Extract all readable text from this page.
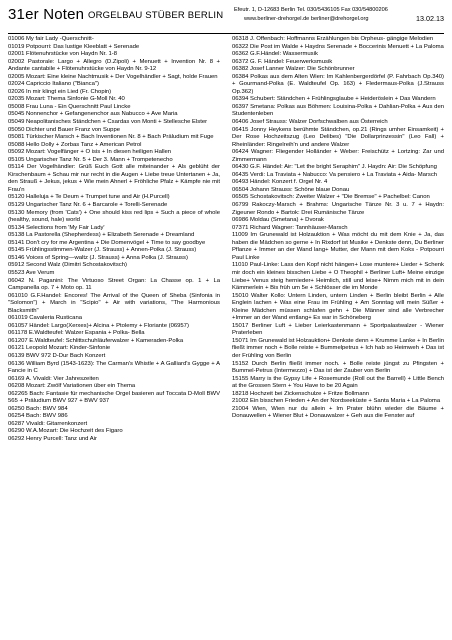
31er Noten ORGELBAU STÜBER BERLIN Efeutr. 1, D-12683 Berlin Tel. 030/5436105 Fax 030/54800206
www.berliner-drehorgel.de berliner@drehorgel.org	13.02.13
01006 My fair Lady -Querschnitt-
01019 Potpourri: Das lustige Kleeblatt + Serenade
02001 Flötenuhrstücke von Haydn Nr. 1-8
02002 Pastorale: Largo + Allegro (D.Zipoli) + Menuett + Invention Nr. 8 + Andante cantabile + Flötenuhrstücke von Haydn Nr. 9-12
02005 Mozart: Eine kleine Nachtmusik + Der Vogelhändler + Sagt, holde Frauen
02024 Capriccio Italiano ("Bianca")
02026 In mir klingt ein Lied (Fr. Chopin)
02035 Mozart: Thema Sinfonie G-Moll Nr. 40
05008 Frau Luna - Ein Querschnitt Paul Lincke
05045 Nonnenchor + Gefangenenchor aus Nabucco + Ave Maria
05049 Neapolitanisches Ständchen + Csardas von Monti + Stellesche Elster
05050 Dichter und Bauer Franz von Suppe
05081 Türkischer Marsch + Bach Inventionen Nr. 8 + Bach Präludium mit Fuge
05088 Hello Dolly + Zorbas Tanz + American Petrol
05092 Mozart: Vogelfänger + O isis + In diesen heiligen Hallen
05105 Ungarischer Tanz Nr. 5 + Der 3. Mann + Trompetenecho
05114 Der Vogelhändler: Grüß Euch Gott alle miteinander + Als geblüht der Kirschenbaum + Schau mir nur recht in die Augen + Liebe treue Untertanen + Ja, den Strauß + Jekus, jekus + Wie mein Ahnerl + Fröhliche Pfalz + Kämpfe nie mit Frau'n
05120 Halleluja + Te Deum + Trumpet tune and Air (H.Purcell)
05129 Ungarischer Tanz Nr. 6 + Barcarole + Torelli-Serenade
05130 Memory (from 'Cats') + One should kiss red lips + Such a piece of whole (healthy, sound, hale) world
05134 Selections from 'My Fair Lady'
05138 La Pastorella (Shepherdess) + Elizabeth Serenade + Dreamland
05141 Don't cry for me Argentina + Die Domenvögel + Time to say goodbye
05145 Frühlingsstimmen-Walzer (J. Strauss) + Annen-Polka (J. Strauss)
05146 Voices of Spring—waltz (J. Strauss) + Anna Polka (J. Strauss)
05912 Second Walz (Dimitri Schostakovitsch)
05523 Ave Verum
06042 N. Paganini: The Virtuoso Street Organ: La Chasse op. 1 + La Campanella op. 7 + Moto op. 11
061010 G.F.Handel: Encores! The Arrival of the Queen of Sheba (Sinfonia in "Solomon") + March in "Scipio" + Air with variations, "The Harmonious Blacksmith"
061019 Cavaleria Rusticana
061057 Händel: Largo(Xerxes)+ Alcina + Ptolemy + Floriante (06957)
061178 E.Waldteufel: Walzer Espania + Polka- Bella
061207 E.Waldteufel: Schlittschuhläuferwalzer + Kameraden-Polka
06121 Leopold Mozart: Kinder-Sinfonie
06139 BWV 972 D-Dur Bach Konzert
06136 William Byrd (1543-1623): The Carman's Whistle + A Galliard's Gygge + A Fancie in C
06169 A. Vivaldi: Vier Jahreszeiten
06208 Mozart: Zwölf Variationen über ein Thema
062265 Bach: Fantasie für mechanische Orgel basieren auf Toccata D-Moll BWV 565 + Präludium BWV 927 + BWV 937
06250 Bach: BWV 984
06254 Bach: BWV 986
06287 Vivaldi: Gitarrenkonzert
06290 W.A.Mozart: Die Hochzeit des Figaro
06292 Henry Purcell: Tanz und Air
06318 J. Offenbach: Hoffmanns Erzählungen bis Orpheus- gängige Melodien
06322 Die Post im Walde + Haydns Serenade + Boccerinis Menuett + La Paloma
06362 G.F.Händel: Wassermusik
06372 G. F. Händel: Feuerwerksmusik
06382 Josef Lanner Walzer: Die Schönbrunner
06384 Polkas aus dem Alten Wien: Im Kahlenbergerdörfel (P. Fahrbach Op.340) + Gourmand-Polka (E. Waldteufel Op. 163) + Fledermaus-Polka (J.Strauss Op.362)
06394 Schubert: Ständchen + Frühlingsglaube + Heideröslein + Das Wandern
06397 Smetana: Polkas aus Böhmen: Louisina-Polka + Dahlian-Polka + Aus den Studentenleben
06406 Josef Strauss: Walzer Dorfschwalben aus Österreich
06415 Jonny Heykens berühmte Ständchen, op.21 (Rings umher Einsamkeit) + Der Rose Hochzeitszug (Leo Delibes) "Die Dollarprinzessin" (Leo Fall) + Rheinländer: Ringelreih'n und andere Walzer
06424 Wagner: Fliegender Holländer + Weber: Freischütz + Lortzing: Zar und Zimmermann
06430 G.F. Händel: Air: "Let the bright Seraphim" J. Haydn: Air: Die Schöpfung
06435 Verdi: La Traviata + Nabucco: Va pensiero + La Traviata + Aida- Marsch
06493 Händel: Konzert f. Orgel Nr. 4
06504 Johann Strauss: Schöne blaue Donau
06505 Schostakovitsch: Zweiter Walzer + "Die Bremse" + Pachelbel: Canon
06799 Rakoczy-Marsch + Brahms: Ungarische Tänze Nr. 3 u. 7 + Haydn: Zigeuner Rondo + Bartok: Drei Rumänische Tänze
06986 Moldau (Smetana) + Dvorak
07371 Richard Wagner: Tannhäuser-Marsch
11009 Im Grunewald ist Holzauktion + Was möcht du mit dem Knie + Ja, das haben die Mädchen so gerne + In Rixdorf ist Musike + Denkste denn, Du Berliner Pflanze + Immer an der Wand lang+ Mutter, der Mann mit dem Koks - Potpourri Paul Linke
11010 Paul-Linke: Lass den Kopf nicht hängen+ Lose muntere+ Lieder + Schenk mir doch ein kleines bisschen Liebe + O Theophil + Berliner Luft+ Meine einzige Liebe+ Venus steig hernieder+ Heimlich, still und leise+ Nimm mich mit in dein Kämmerlein + Bis früh um 5e + Schlösser die im Monde
15010 Walter Kollo: Untern Linden, untern Linden + Berlin bleibt Berlin + Alle Englein lachen + Was eine Frau im Frühling + Am Sonntag will mein Süßer + Kleine Mädchen müssen schlafen gehn + Die Männer sind alle Verbrecher +Immer an der Wand entlang+ Es war in Schöneberg
15017 Berliner Luft + Lieber Leierkastenmann + Sportpalastwalzer - Wiener Praterleben
15071 Im Grunewald ist Holzauktion+ Denkste denn + Krumme Lanke + In Berlin fließt immer noch + Bolle reiste + Bummelpetrus + Ich hab so Heimweh + Das ist der Frühling von Berlin
15152 Durch Berlin fließt immer noch. + Bolle reiste jüngst zu Pfingsten + Bummel-Petrus (Intermezzo) + Das ist der Zauber von Berlin
15155 Marry is the Gypsy Life + Rosemunde (Roll out the Barrell) + Little Bench at the Grossen Stern + You Have to be 20 Again
18218 Hochzeit bei Zickenschulze + Fritze Bollmann
21002 Ein bisschen Frieden + An der Nordseeküste + Santa Maria + La Paloma
21004 Wien, Wien nur du allein + Im Prater blühn wieder die Bäume + Donauwellen + Wiener Blut + Donauwalzer + Geh aus die Fenster auf
